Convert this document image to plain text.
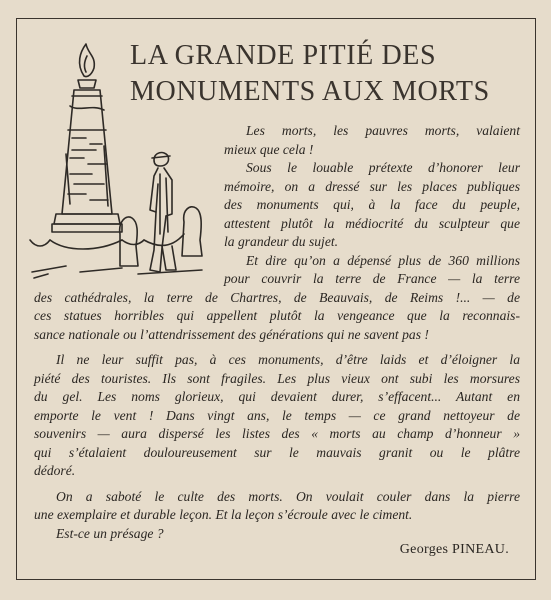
LA GRANDE PITIÉ DES
MONUMENTS AUX MORTS
Les morts, les pauvres morts, valaient
mieux que cela !
Sous le louable prétexte d’honorer leur
mémoire, on a dressé sur les places publiques
des monuments qui, à la face du peuple,
attestent plutôt la médiocrité du sculpteur que
la grandeur du sujet.
Et dire qu’on a dépensé plus de 360 millions
pour couvrir la terre de France — la terre
des cathédrales, la terre de Chartres, de Beauvais, de Reims !... — de
ces statues horribles qui appellent plutôt la vengeance que la reconnais-
sance nationale ou l’attendrissement des générations qui ne savent pas !
Il ne leur suffit pas, à ces monuments, d’être laids et d’éloigner la
piété des touristes. Ils sont fragiles. Les plus vieux ont subi les morsures
du gel. Les noms glorieux, qui devaient durer, s’effacent... Autant en
emporte le vent ! Dans vingt ans, le temps — ce grand nettoyeur de
souvenirs — aura dispersé les listes des « morts au champ d’honneur »
qui s’étalaient douloureusement sur le mauvais granit ou le plâtre
dédoré.
On a saboté le culte des morts. On voulait couler dans la pierre
une exemplaire et durable leçon. Et la leçon s’écroule avec le ciment.
Est-ce un présage ?
Georges PINEAU.
